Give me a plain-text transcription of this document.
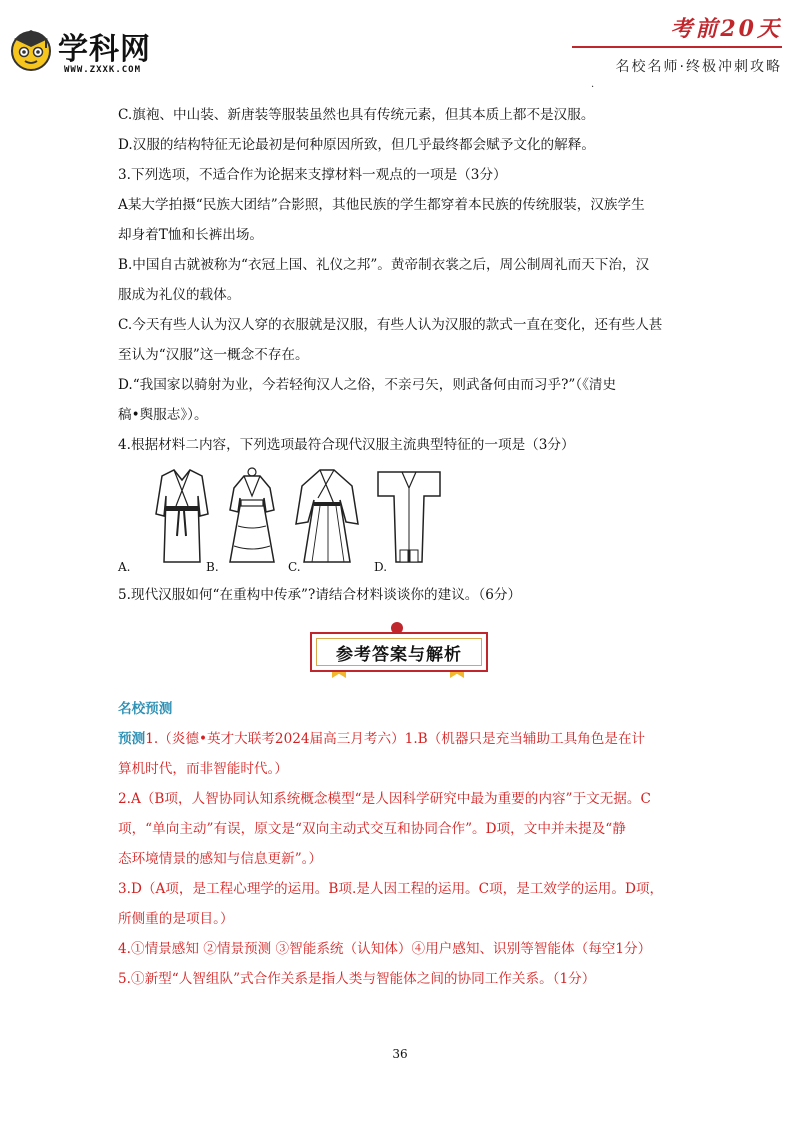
学科网
WWW.ZXXK.COM
考前20天
名校名师·终极冲刺攻略
·

C.旗袍、中山装、新唐装等服装虽然也具有传统元素，但其本质上都不是汉服。

D.汉服的结构特征无论最初是何种原因所致，但几乎最终都会赋予文化的解释。

3.下列选项，不适合作为论据来支撑材料一观点的一项是（3分）

A某大学拍摄“民族大团结”合影照，其他民族的学生都穿着本民族的传统服装，汉族学生

却身着T恤和长裤出场。

B.中国自古就被称为“衣冠上国、礼仪之邦”。黄帝制衣裳之后，周公制周礼而天下治，汉

服成为礼仪的载体。

C.今天有些人认为汉人穿的衣服就是汉服，有些人认为汉服的款式一直在变化，还有些人甚

至认为“汉服”这一概念不存在。

D.“我国家以骑射为业，今若轻徇汉人之俗，不亲弓矢，则武备何由而习乎?”（《清史

稿•舆服志》）。

4.根据材料二内容，下列选项最符合现代汉服主流典型特征的一项是（3分）

A.	B.	C.	D.

5.现代汉服如何“在重构中传承”?请结合材料谈谈你的建议。（6分）

参考答案与解析

名校预测

预测1.（炎德•英才大联考2024届高三月考六）1.B（机器只是充当辅助工具角色是在计

算机时代，而非智能时代。）

2.A（B项，人智协同认知系统概念模型“是人因科学研究中最为重要的内容”于文无据。C

项，“单向主动”有误，原文是“双向主动式交互和协同合作”。D项，文中并未提及“静

态环境情景的感知与信息更新”。）

3.D（A项，是工程心理学的运用。B项.是人因工程的运用。C项，是工效学的运用。D项，

所侧重的是项目。）

4.①情景感知 ②情景预测 ③智能系统（认知体）④用户感知、识别等智能体（每空1分）

5.①新型“人智组队”式合作关系是指人类与智能体之间的协同工作关系。（1分）

36
